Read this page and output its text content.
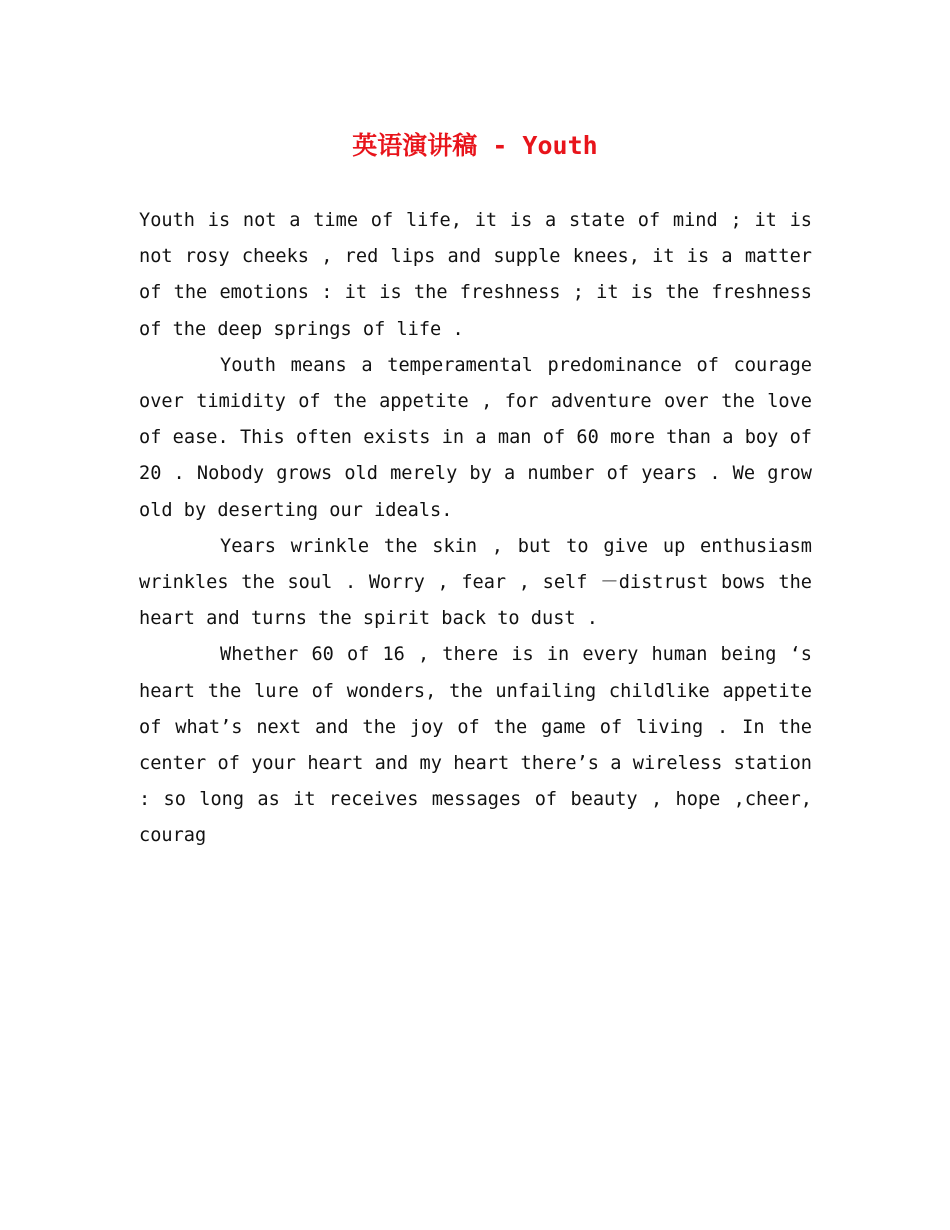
英语演讲稿 - Youth

Youth is not a time of life, it is a state of mind ; it is not rosy cheeks , red lips and supple knees, it is a matter of the emotions : it is the freshness ; it is the freshness of the deep springs of life .

Youth means a temperamental predominance of courage over timidity of the appetite , for adventure over the love of ease. This often exists in a man of 60 more than a boy of 20 . Nobody grows old merely by a number of years . We grow old by deserting our ideals.

Years wrinkle the skin , but to give up enthusiasm wrinkles the soul . Worry , fear , self －distrust bows the heart and turns the spirit back to dust .

Whether 60 of 16 , there is in every human being ‘s heart the lure of wonders, the unfailing childlike appetite of what’s next and the joy of the game of living . In the center of your heart and my heart there’s a wireless station : so long as it receives messages of beauty , hope ,cheer, courag
